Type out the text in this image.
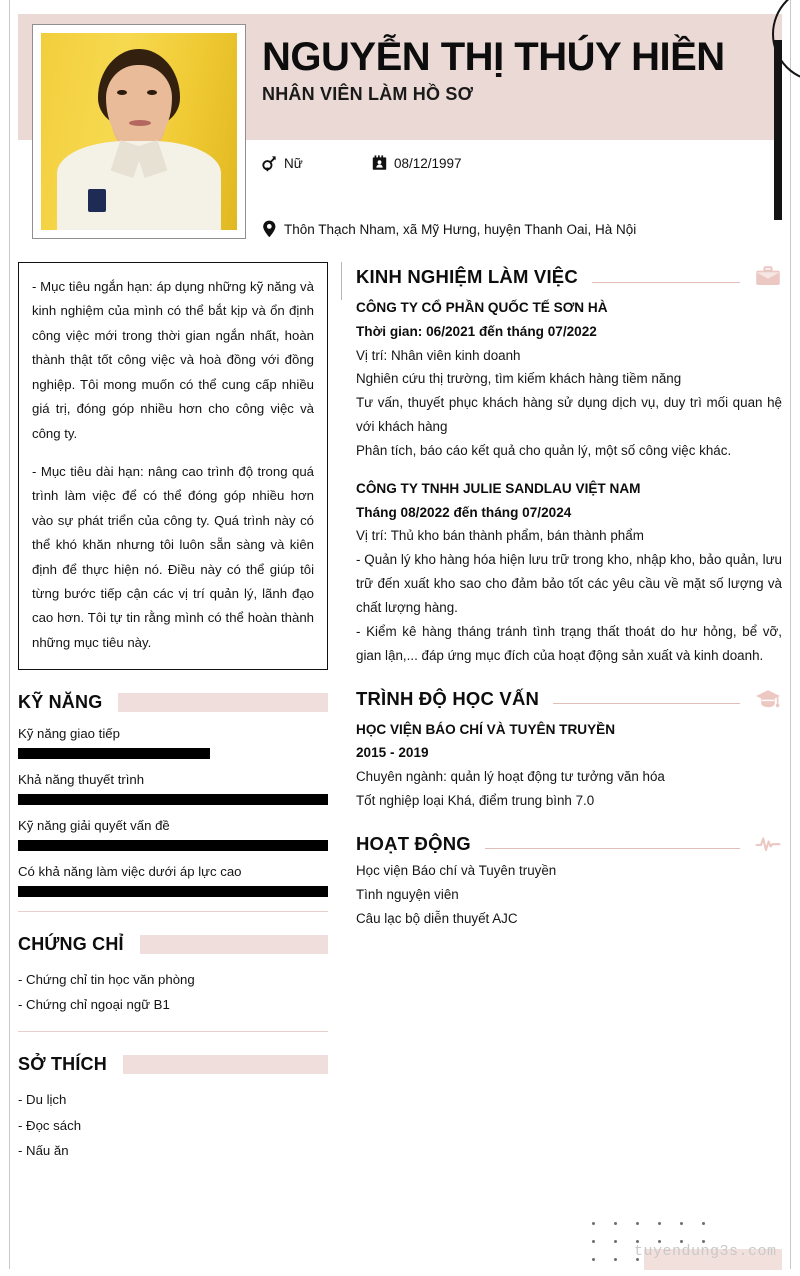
NGUYỄN THỊ THÚY HIỀN
NHÂN VIÊN LÀM HỒ SƠ
Nữ	08/12/1997
Thôn Thạch Nham, xã Mỹ Hưng, huyện Thanh Oai, Hà Nội

- Mục tiêu ngắn hạn: áp dụng những kỹ năng và kinh nghiệm của mình có thể bắt kịp và ổn định công việc mới trong thời gian ngắn nhất, hoàn thành thật tốt công việc và hoà đồng với đồng nghiệp. Tôi mong muốn có thể cung cấp nhiều giá trị, đóng góp nhiều hơn cho công việc và công ty.

- Mục tiêu dài hạn: nâng cao trình độ trong quá trình làm việc để có thể đóng góp nhiều hơn vào sự phát triển của công ty. Quá trình này có thể khó khăn nhưng tôi luôn sẵn sàng và kiên định để thực hiện nó. Điều này có thể giúp tôi từng bước tiếp cận các vị trí quản lý, lãnh đạo cao hơn. Tôi tự tin rằng mình có thể hoàn thành những mục tiêu này.

KỸ NĂNG
Kỹ năng giao tiếp
Khả năng thuyết trình
Kỹ năng giải quyết vấn đề
Có khả năng làm việc dưới áp lực cao
CHỨNG CHỈ
- Chứng chỉ tin học văn phòng
- Chứng chỉ ngoại ngữ B1
SỞ THÍCH
- Du lịch
- Đọc sách
- Nấu ăn
KINH NGHIỆM LÀM VIỆC
CÔNG TY CỔ PHẦN QUỐC TẾ SƠN HÀ
Thời gian: 06/2021 đến tháng 07/2022
Vị trí: Nhân viên kinh doanh
Nghiên cứu thị trường, tìm kiếm khách hàng tiềm năng
Tư vấn, thuyết phục khách hàng sử dụng dịch vụ, duy trì mối quan hệ với khách hàng
Phân tích, báo cáo kết quả cho quản lý, một số công việc khác.
CÔNG TY TNHH JULIE SANDLAU VIỆT NAM
Tháng 08/2022 đến tháng 07/2024
Vị trí: Thủ kho bán thành phẩm, bán thành phẩm
- Quản lý kho hàng hóa hiện lưu trữ trong kho, nhập kho, bảo quản, lưu trữ đến xuất kho sao cho đảm bảo tốt các yêu cầu về mặt số lượng và chất lượng hàng.
- Kiểm kê hàng tháng tránh tình trạng thất thoát do hư hỏng, bể vỡ, gian lận,... đáp ứng mục đích của hoạt động sản xuất và kinh doanh.
TRÌNH ĐỘ HỌC VẤN
HỌC VIỆN BÁO CHÍ VÀ TUYÊN TRUYỀN
2015 - 2019
Chuyên ngành: quản lý hoạt động tư tưởng văn hóa
Tốt nghiệp loại Khá, điểm trung bình 7.0
HOẠT ĐỘNG
Học viện Báo chí và Tuyên truyền
Tình nguyện viên
Câu lạc bộ diễn thuyết AJC
tuyendung3s.com
